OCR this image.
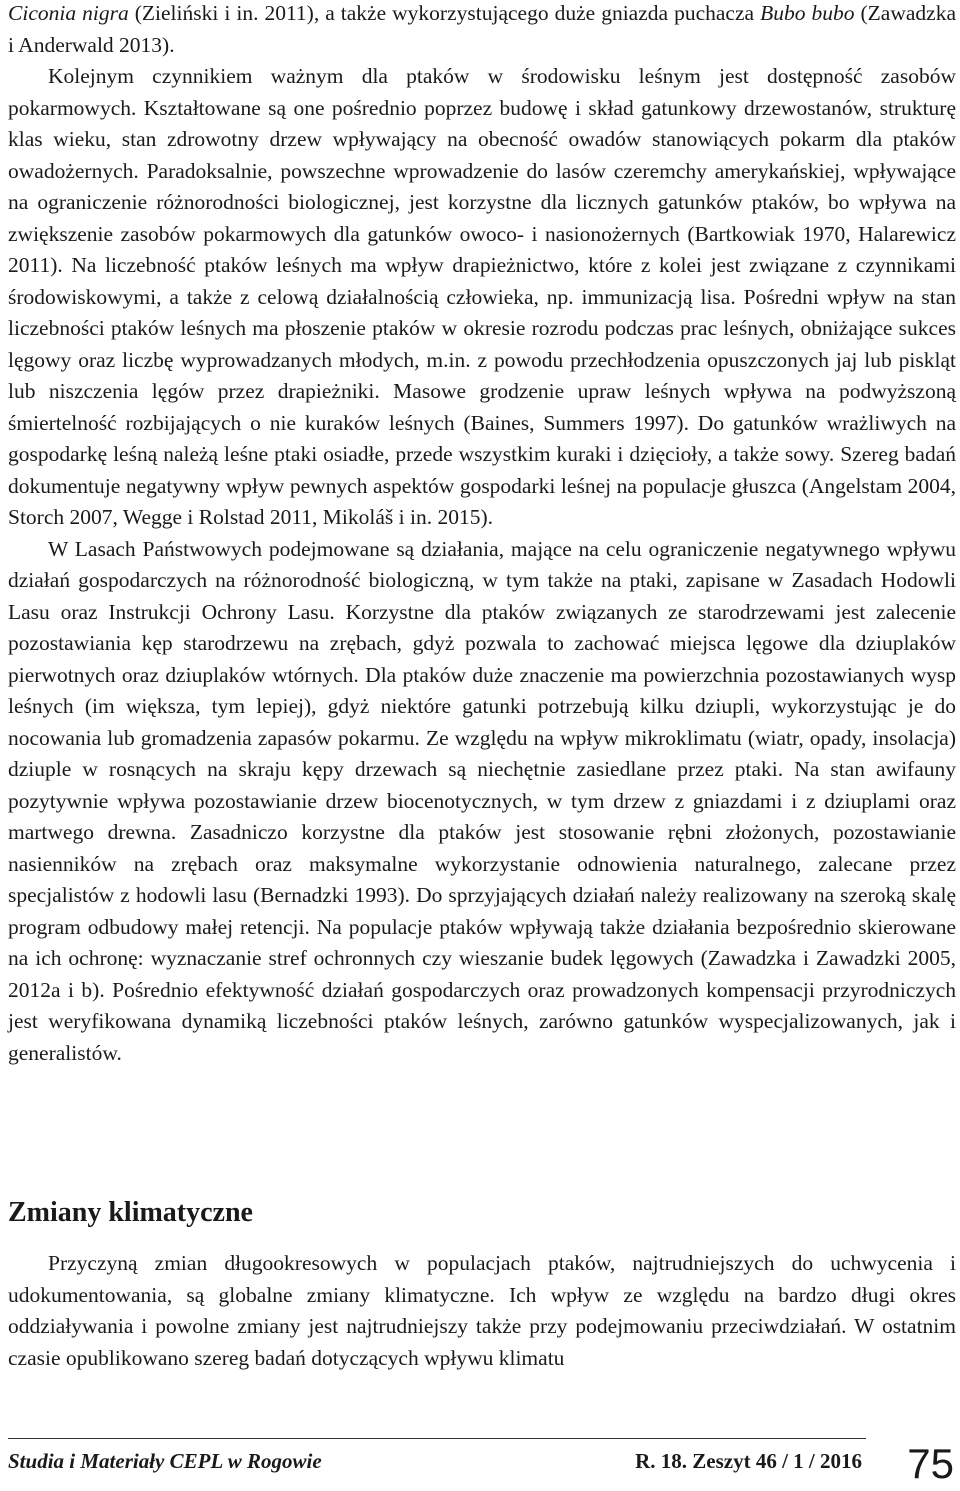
Ciconia nigra (Zieliński i in. 2011), a także wykorzystującego duże gniazda puchacza Bubo bubo (Zawadzka i Anderwald 2013).

Kolejnym czynnikiem ważnym dla ptaków w środowisku leśnym jest dostępność zasobów pokarmowych. Kształtowane są one pośrednio poprzez budowę i skład gatunkowy drzewostanów, strukturę klas wieku, stan zdrowotny drzew wpływający na obecność owadów stanowiących pokarm dla ptaków owadożernych. Paradoksalnie, powszechne wprowadzenie do lasów czeremchy amerykańskiej, wpływające na ograniczenie różnorodności biologicznej, jest korzystne dla licznych gatunków ptaków, bo wpływa na zwiększenie zasobów pokarmowych dla gatunków owoco- i nasionożernych (Bartkowiak 1970, Halarewicz 2011). Na liczebność ptaków leśnych ma wpływ drapieżnictwo, które z kolei jest związane z czynnikami środowiskowymi, a także z celową działalnością człowieka, np. immunizacją lisa. Pośredni wpływ na stan liczebności ptaków leśnych ma płoszenie ptaków w okresie rozrodu podczas prac leśnych, obniżające sukces lęgowy oraz liczbę wyprowadzanych młodych, m.in. z powodu przechłodzenia opuszczonych jaj lub piskląt lub niszczenia lęgów przez drapieżniki. Masowe grodzenie upraw leśnych wpływa na podwyższoną śmiertelność rozbijających o nie kuraków leśnych (Baines, Summers 1997). Do gatunków wrażliwych na gospodarkę leśną należą leśne ptaki osiadłe, przede wszystkim kuraki i dzięcioły, a także sowy. Szereg badań dokumentuje negatywny wpływ pewnych aspektów gospodarki leśnej na populacje głuszca (Angelstam 2004, Storch 2007, Wegge i Rolstad 2011, Mikoláš i in. 2015).

W Lasach Państwowych podejmowane są działania, mające na celu ograniczenie negatywnego wpływu działań gospodarczych na różnorodność biologiczną, w tym także na ptaki, zapisane w Zasadach Hodowli Lasu oraz Instrukcji Ochrony Lasu. Korzystne dla ptaków związanych ze starodrzewami jest zalecenie pozostawiania kęp starodrzewu na zrębach, gdyż pozwala to zachować miejsca lęgowe dla dziuplaków pierwotnych oraz dziuplaków wtórnych. Dla ptaków duże znaczenie ma powierzchnia pozostawianych wysp leśnych (im większa, tym lepiej), gdyż niektóre gatunki potrzebują kilku dziupli, wykorzystując je do nocowania lub gromadzenia zapasów pokarmu. Ze względu na wpływ mikroklimatu (wiatr, opady, insolacja) dziuple w rosnących na skraju kępy drzewach są niechętnie zasiedlane przez ptaki. Na stan awifauny pozytywnie wpływa pozostawianie drzew biocenotycznych, w tym drzew z gniazdami i z dziuplami oraz martwego drewna. Zasadniczo korzystne dla ptaków jest stosowanie rębni złożonych, pozostawianie nasienników na zrębach oraz maksymalne wykorzystanie odnowienia naturalnego, zalecane przez specjalistów z hodowli lasu (Bernadzki 1993). Do sprzyjających działań należy realizowany na szeroką skalę program odbudowy małej retencji. Na populacje ptaków wpływają także działania bezpośrednio skierowane na ich ochronę: wyznaczanie stref ochronnych czy wieszanie budek lęgowych (Zawadzka i Zawadzki 2005, 2012a i b). Pośrednio efektywność działań gospodarczych oraz prowadzonych kompensacji przyrodniczych jest weryfikowana dynamiką liczebności ptaków leśnych, zarówno gatunków wyspecjalizowanych, jak i generalistów.

Zmiany klimatyczne

Przyczyną zmian długookresowych w populacjach ptaków, najtrudniejszych do uchwycenia i udokumentowania, są globalne zmiany klimatyczne. Ich wpływ ze względu na bardzo długi okres oddziaływania i powolne zmiany jest najtrudniejszy także przy podejmowaniu przeciwdziałań. W ostatnim czasie opublikowano szereg badań dotyczących wpływu klimatu

Studia i Materiały CEPL w Rogowie	R. 18. Zeszyt 46 / 1 / 2016 75
